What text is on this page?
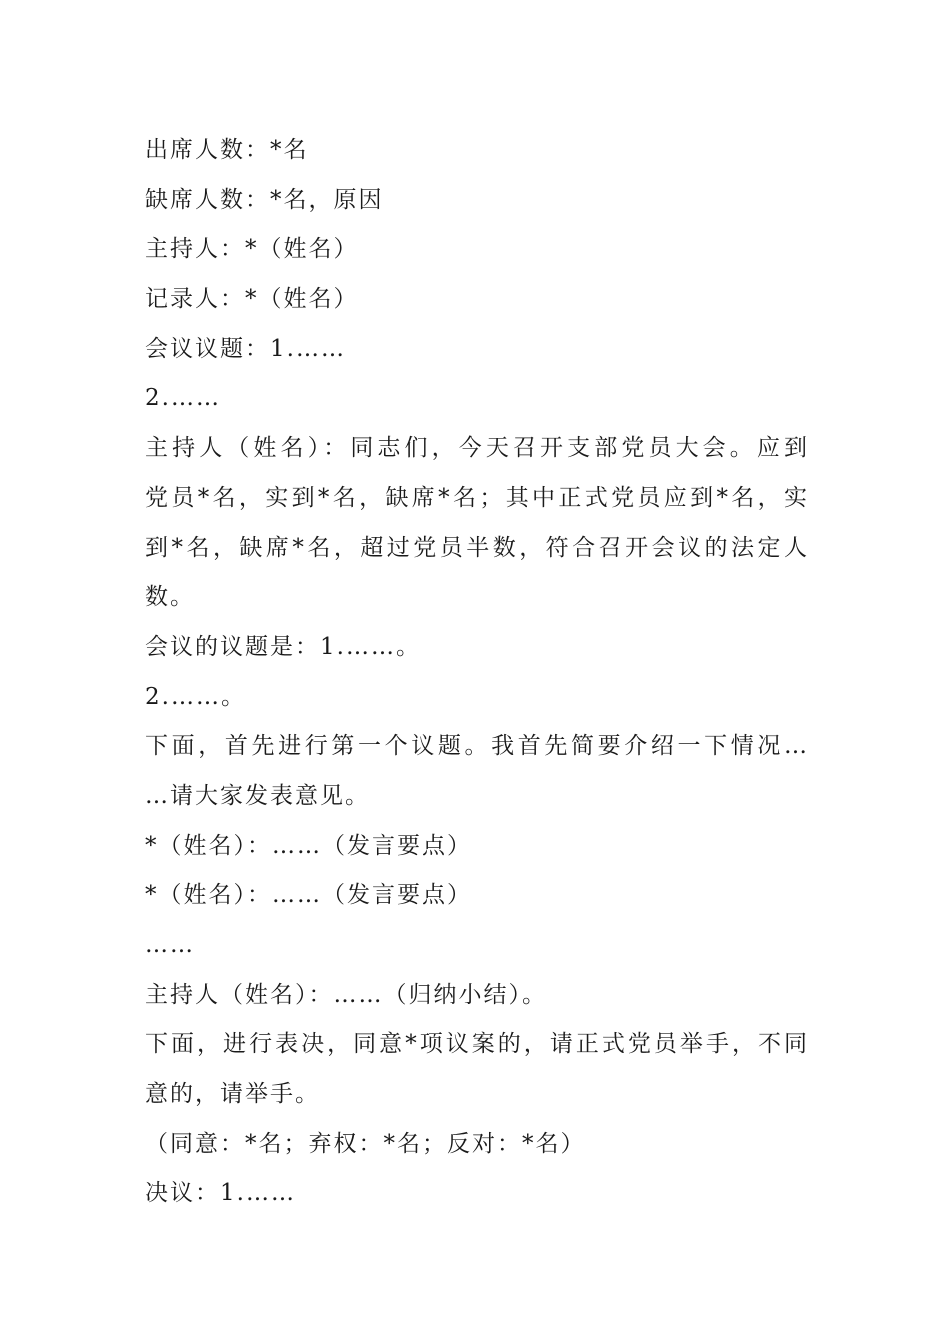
出席人数：*名
缺席人数：*名，原因
主持人：*（姓名）
记录人：*（姓名）
会议议题：1.……
2.……
主持人（姓名）：同志们，今天召开支部党员大会。应到
党员*名，实到*名，缺席*名；其中正式党员应到*名，实
到*名，缺席*名，超过党员半数，符合召开会议的法定人
数。
会议的议题是：1.……。
2.……。
下面，首先进行第一个议题。我首先简要介绍一下情况…
…请大家发表意见。
*（姓名）：……（发言要点）
*（姓名）：……（发言要点）
……
主持人（姓名）：……（归纳小结）。
下面，进行表决，同意*项议案的，请正式党员举手，不同
意的，请举手。
（同意：*名；弃权：*名；反对：*名）
决议：1.……
